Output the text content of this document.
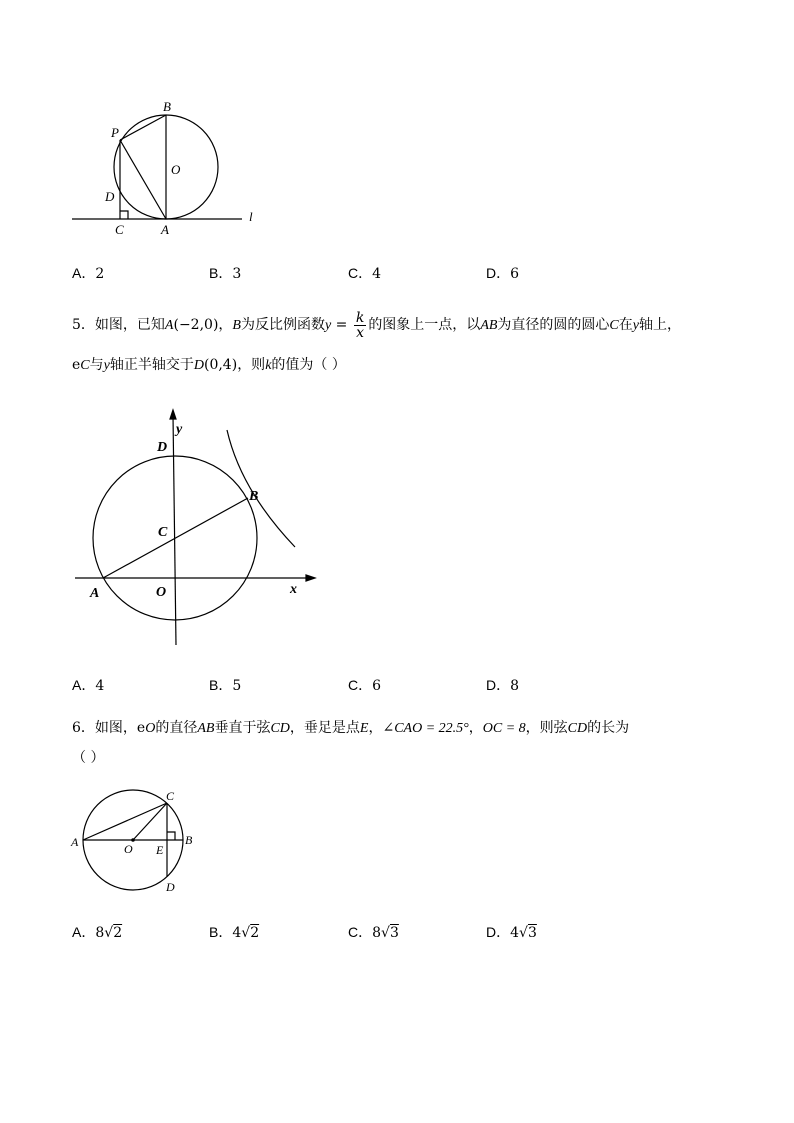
B
P
O
D
C	A
l
A．2	B．3	C．4	D．6
5．如图，已知A(−2,0)，B为反比例函数$y = \frac{k}{x}$ 的图象上一点，以AB为直径的圆的圆心C在y轴上，
eC与y轴正半轴交于D(0,4)，则k的值为（ ）
y
D
B
C
A	O	x
A．4	B．5	C．6	D．8
6．如图，eO的直径AB垂直于弦CD，垂足是点E，∠CAO = 22.5°，OC = 8，则弦CD的长为
（ ）
C
A	O E
B
D
A．8√2	B．4√2	C．8√3	D．4√3
